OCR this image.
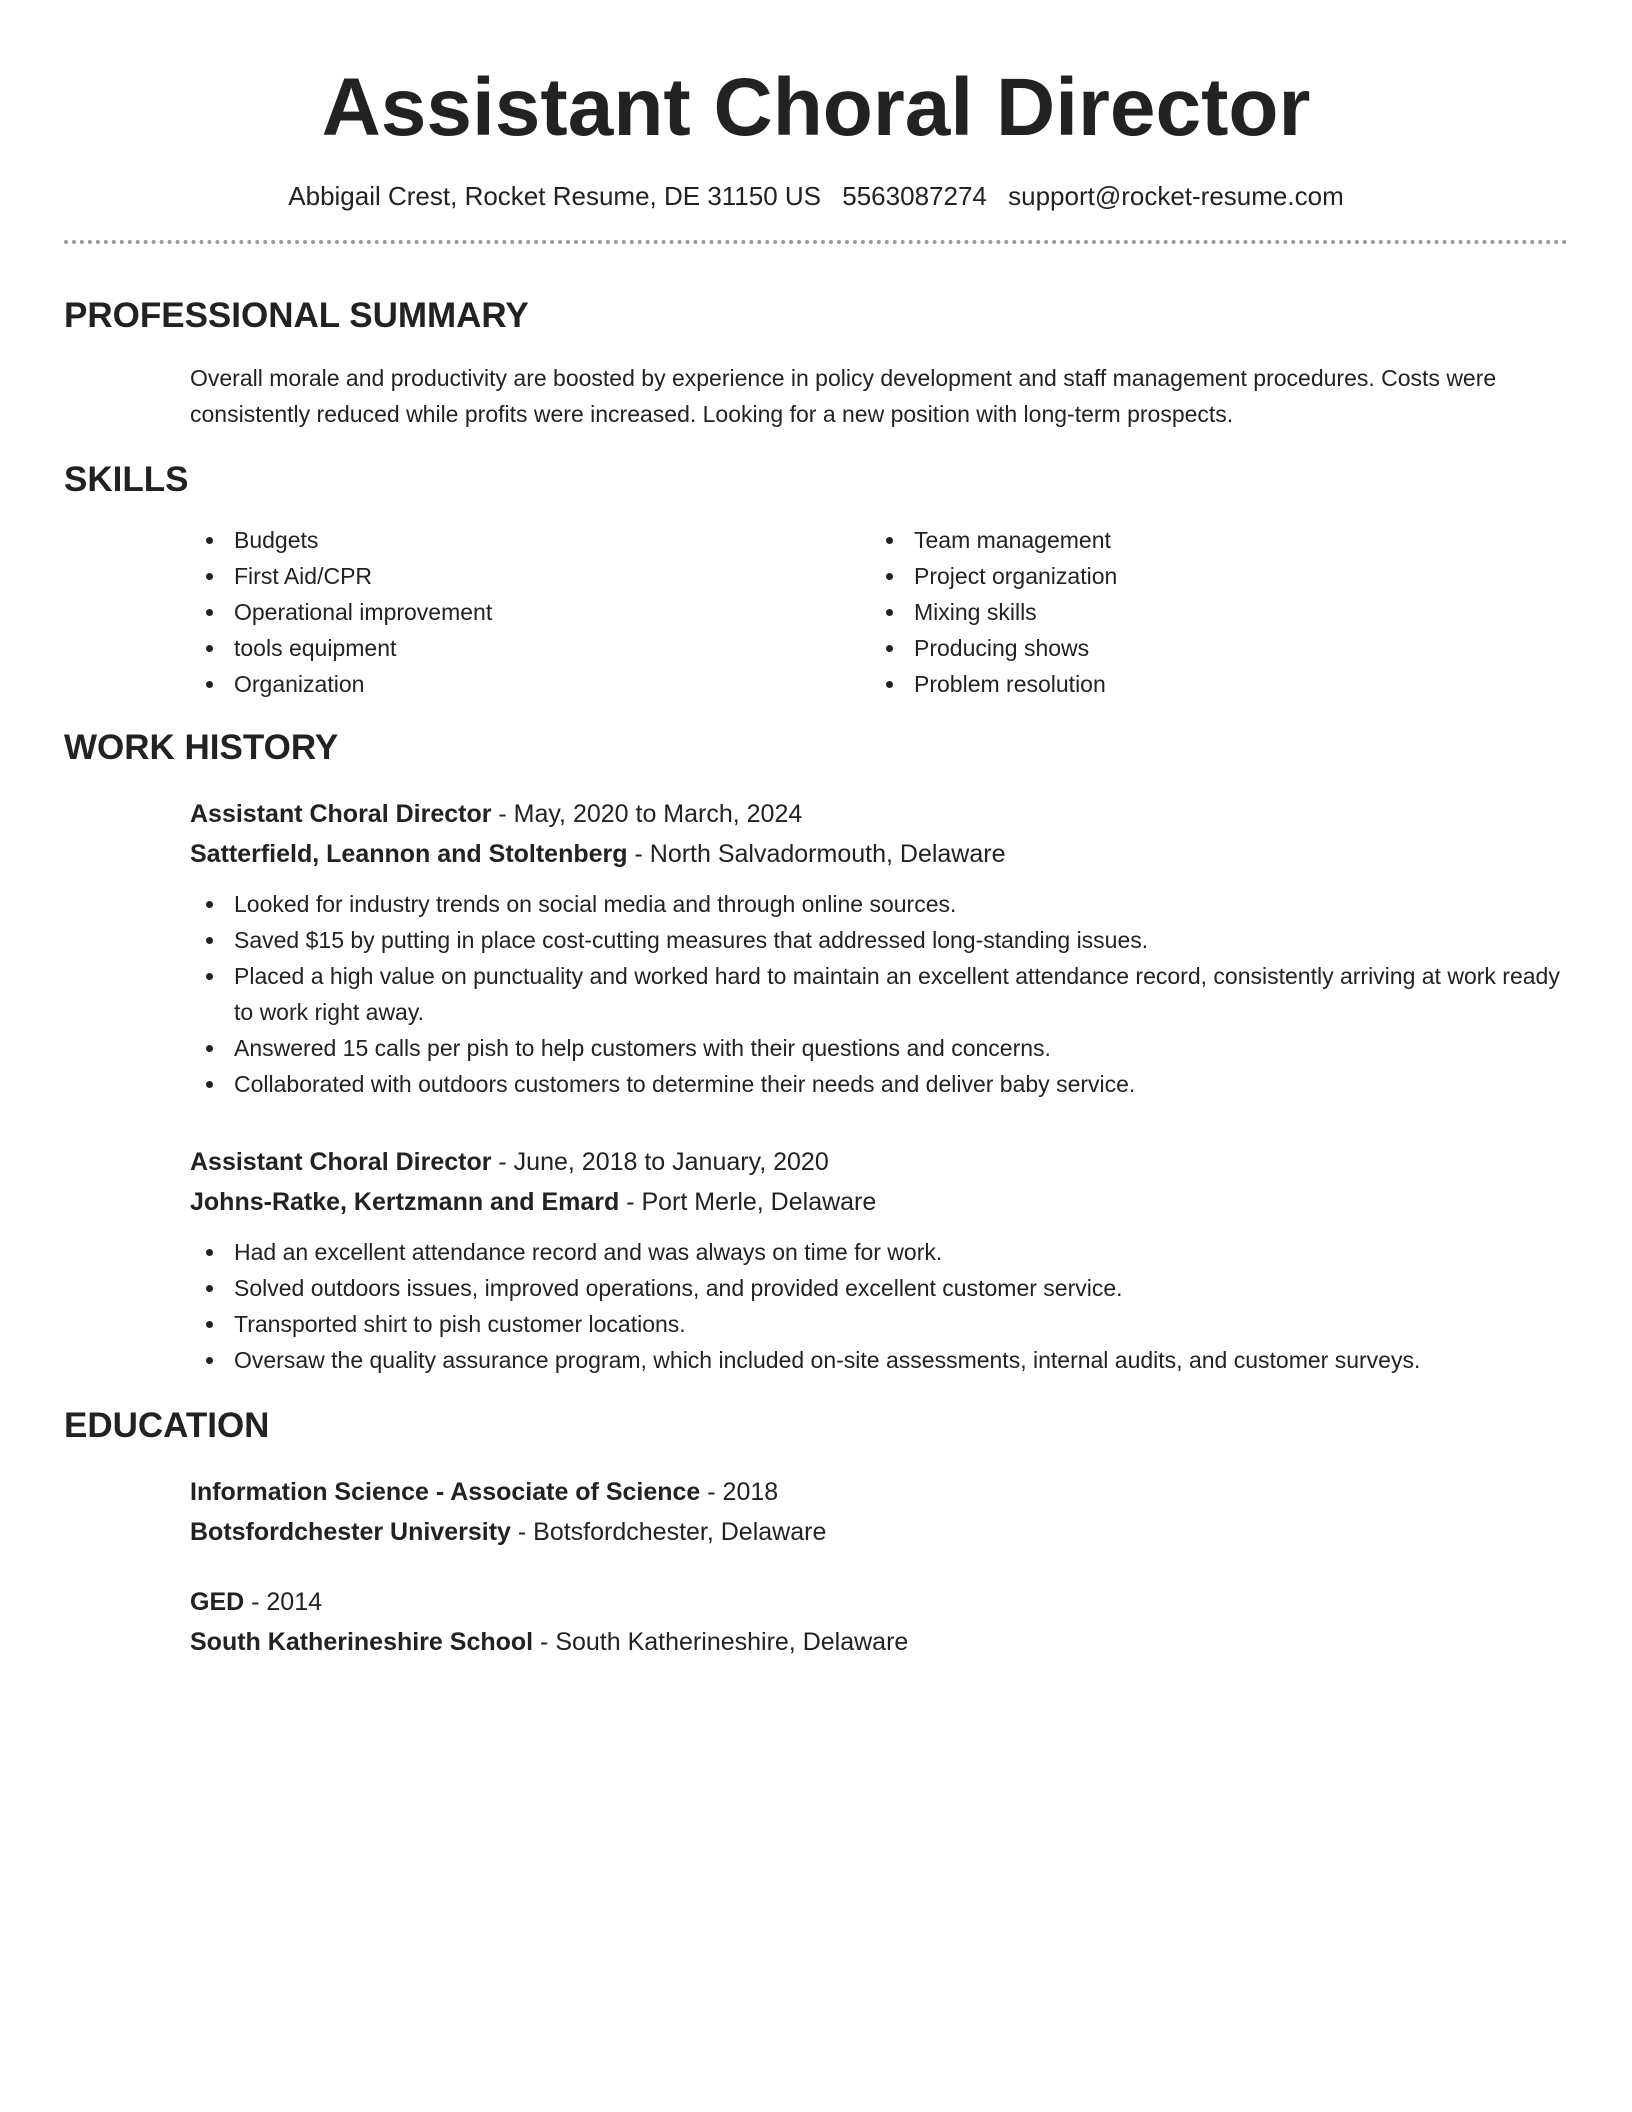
Assistant Choral Director
Abbigail Crest, Rocket Resume, DE 31150 US 5563087274 support@rocket-resume.com
PROFESSIONAL SUMMARY
Overall morale and productivity are boosted by experience in policy development and staff management procedures. Costs were consistently reduced while profits were increased. Looking for a new position with long-term prospects.
SKILLS
Budgets
First Aid/CPR
Operational improvement
tools equipment
Organization
Team management
Project organization
Mixing skills
Producing shows
Problem resolution
WORK HISTORY
Assistant Choral Director - May, 2020 to March, 2024
Satterfield, Leannon and Stoltenberg - North Salvadormouth, Delaware
Looked for industry trends on social media and through online sources.
Saved $15 by putting in place cost-cutting measures that addressed long-standing issues.
Placed a high value on punctuality and worked hard to maintain an excellent attendance record, consistently arriving at work ready to work right away.
Answered 15 calls per pish to help customers with their questions and concerns.
Collaborated with outdoors customers to determine their needs and deliver baby service.
Assistant Choral Director - June, 2018 to January, 2020
Johns-Ratke, Kertzmann and Emard - Port Merle, Delaware
Had an excellent attendance record and was always on time for work.
Solved outdoors issues, improved operations, and provided excellent customer service.
Transported shirt to pish customer locations.
Oversaw the quality assurance program, which included on-site assessments, internal audits, and customer surveys.
EDUCATION
Information Science - Associate of Science - 2018
Botsfordchester University - Botsfordchester, Delaware
GED - 2014
South Katherineshire School - South Katherineshire, Delaware
